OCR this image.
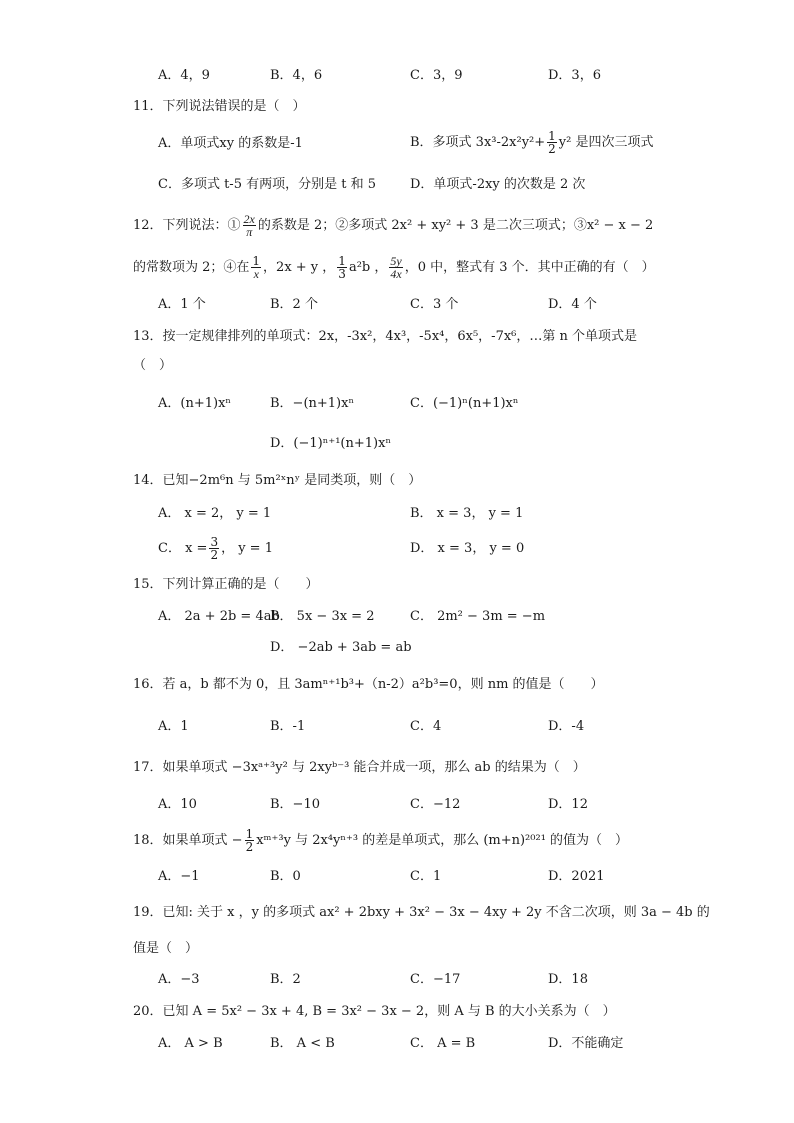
A．4，9	B．4，6	C．3，9	D．3，6
11．下列说法错误的是（　）
A．单项式xy 的系数是-1	B．多项式 $3x^3-2x^2y^2+ \frac{1}{2} y^2$ 是四次三项式
C．多项式 t-5 有两项，分别是 t 和 5	D．单项式-2xy 的次数是 2 次
12．下列说法：① $\frac{2x}{\pi}$ 的系数是 2；②多项式 2x² + xy² + 3 是二次三项式；③x² − x − 2
的常数项为 2；④在 $\frac{1}{x}$ ，2x + y ， $\frac{1}{3} a^2b$ ， $\frac{5y}{4x}$ ，0 中，整式有 3 个．其中正确的有（　）
A．1 个	B．2 个	C．3 个	D．4 个
13．按一定规律排列的单项式：2x，-3x²，4x³，-5x⁴，6x⁵，-7x⁶，…第 n 个单项式是
（　）
A．(n+1)xⁿ	B．−(n+1)xⁿ	C．(−1)ⁿ(n+1)xⁿ
D．(−1)ⁿ⁺¹(n+1)xⁿ
14．已知−2m⁶n 与 5m²ˣnʸ 是同类项，则（　）
A． x = 2， y = 1	B． x = 3， y = 1
C． $x = \frac{3}{2}$ ， y = 1	D． x = 3， y = 0
15．下列计算正确的是（　　）
A． 2a + 2b = 4ab
B． 5x − 3x = 2	C． 2m² − 3m = −m
D． −2ab + 3ab = ab
16．若 a，b 都不为 0，且 3amⁿ⁺¹b³+（n-2）a²b³=0，则 nm 的值是（　　）
A．1	B．-1	C．4	D．-4
17．如果单项式 −3xᵃ⁺³y² 与 2xyᵇ⁻³ 能合并成一项，那么 ab 的结果为（　）
A．10	B．−10	C．−12	D．12
18．如果单项式 − $\frac{1}{2}$ xᵐ⁺³y 与 2x⁴yⁿ⁺³ 的差是单项式，那么 (m+n)²⁰²¹ 的值为（　）
A．−1	B．0	C．1	D．2021
19．已知: 关于 x ，y 的多项式 ax² + 2bxy + 3x² − 3x − 4xy + 2y 不含二次项，则 3a − 4b 的
值是（　）
A．−3	B．2	C．−17	D．18
20．已知 A = 5x² − 3x + 4, B = 3x² − 3x − 2，则 A 与 B 的大小关系为（　）
A． A > B	B． A < B	C． A = B	D．不能确定
